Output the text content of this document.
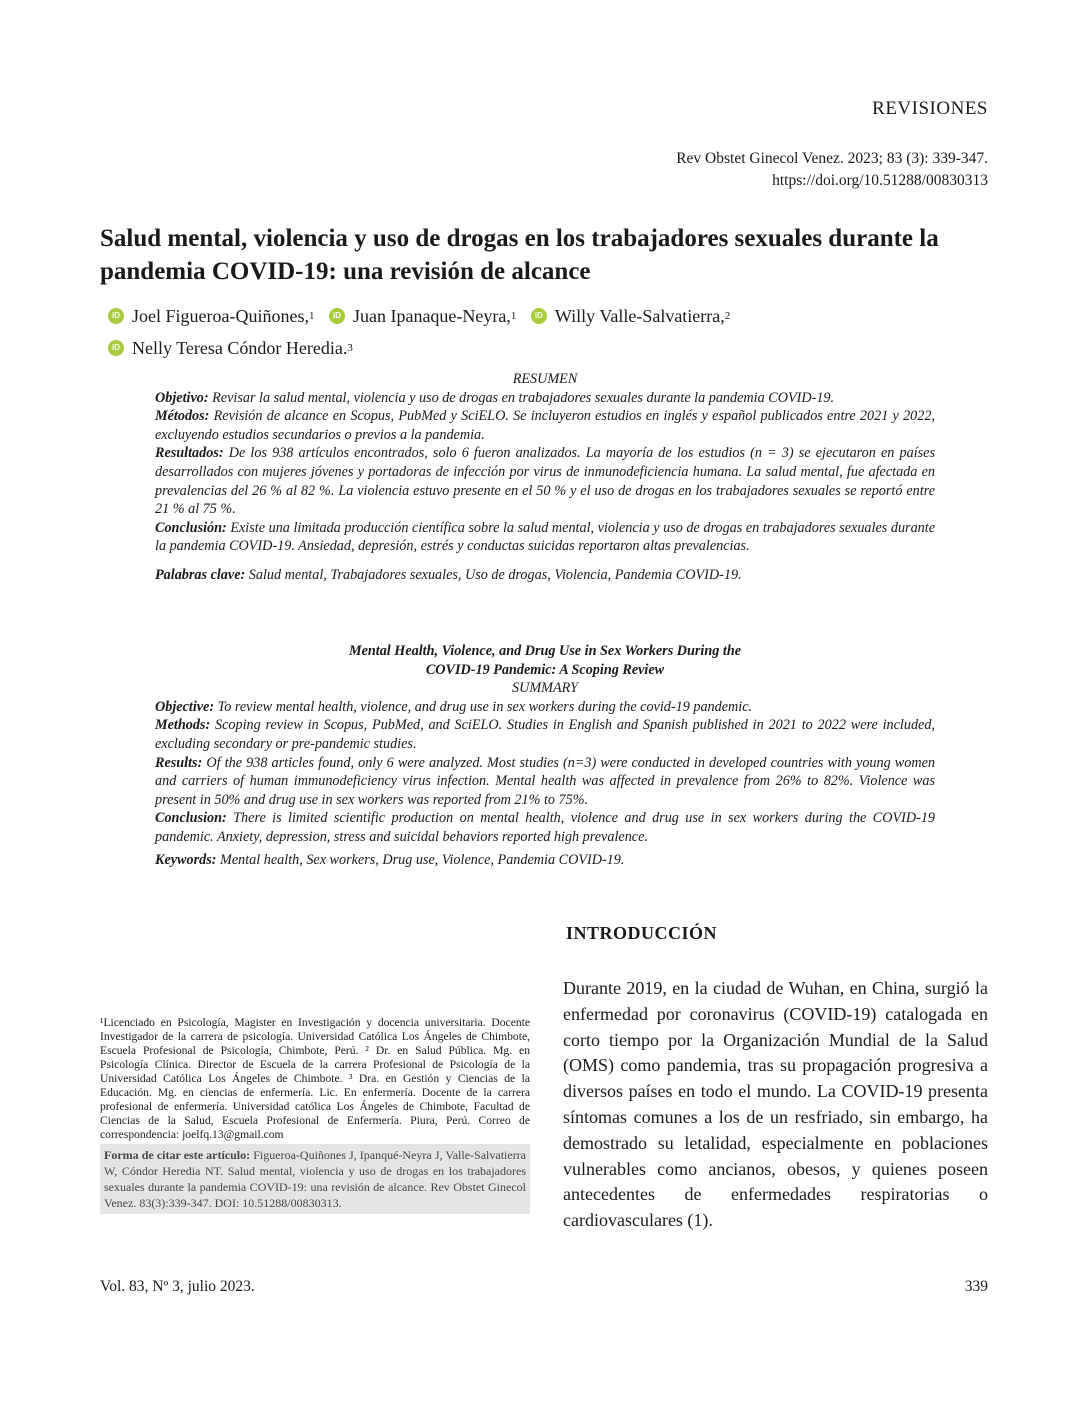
REVISIONES
Rev Obstet Ginecol Venez. 2023; 83 (3): 339-347.
https://doi.org/10.51288/00830313
Salud mental, violencia y uso de drogas en los trabajadores sexuales durante la pandemia COVID-19: una revisión de alcance
iD Joel Figueroa-Quiñones, 1
	iD Juan Ipanaque-Neyra, 1
	iD Willy Valle-Salvatierra, 2

iD Nelly Teresa Cóndor Heredia. 3
RESUMEN

Objetivo: Revisar la salud mental, violencia y uso de drogas en trabajadores sexuales durante la pandemia COVID-19.

Métodos: Revisión de alcance en Scopus, PubMed y SciELO. Se incluyeron estudios en inglés y español publicados entre 2021 y 2022, excluyendo estudios secundarios o previos a la pandemia.

Resultados: De los 938 artículos encontrados, solo 6 fueron analizados. La mayoría de los estudios (n = 3) se ejecutaron en países desarrollados con mujeres jóvenes y portadoras de infección por virus de inmunodeficiencia humana. La salud mental, fue afectada en prevalencias del 26 % al 82 %. La violencia estuvo presente en el 50 % y el uso de drogas en los trabajadores sexuales se reportó entre 21 % al 75 %.

Conclusión: Existe una limitada producción científica sobre la salud mental, violencia y uso de drogas en trabajadores sexuales durante la pandemia COVID-19. Ansiedad, depresión, estrés y conductas suicidas reportaron altas prevalencias.

Palabras clave: Salud mental, Trabajadores sexuales, Uso de drogas, Violencia, Pandemia COVID-19.

Mental Health, Violence, and Drug Use in Sex Workers During the
COVID-19 Pandemic: A Scoping Review
SUMMARY

Objective: To review mental health, violence, and drug use in sex workers during the covid-19 pandemic.

Methods: Scoping review in Scopus, PubMed, and SciELO. Studies in English and Spanish published in 2021 to 2022 were included, excluding secondary or pre-pandemic studies.

Results: Of the 938 articles found, only 6 were analyzed. Most studies (n=3) were conducted in developed countries with young women and carriers of human immunodeficiency virus infection. Mental health was affected in prevalence from 26% to 82%. Violence was present in 50% and drug use in sex workers was reported from 21% to 75%.

Conclusion: There is limited scientific production on mental health, violence and drug use in sex workers during the COVID-19 pandemic. Anxiety, depression, stress and suicidal behaviors reported high prevalence.

Keywords: Mental health, Sex workers, Drug use, Violence, Pandemia COVID-19.

INTRODUCCIÓN
Durante 2019, en la ciudad de Wuhan, en China, surgió la enfermedad por coronavirus (COVID-19) catalogada en corto tiempo por la Organización Mundial de la Salud (OMS) como pandemia, tras su propagación progresiva a diversos países en todo el mundo. La COVID-19 presenta síntomas comunes a los de un resfriado, sin embargo, ha demostrado su letalidad, especialmente en poblaciones vulnerables como ancianos, obesos, y quienes poseen antecedentes de enfermedades respiratorias o cardiovasculares (1).
¹Licenciado en Psicología, Magister en Investigación y docencia universitaria. Docente Investigador de la carrera de psicología. Universidad Católica Los Ángeles de Chimbote, Escuela Profesional de Psicología, Chimbote, Perú. ² Dr. en Salud Pública. Mg. en Psicología Clínica. Director de Escuela de la carrera Profesional de Psicología de la Universidad Católica Los Ángeles de Chimbote. ³ Dra. en Gestión y Ciencias de la Educación. Mg. en ciencias de enfermería. Lic. En enfermería. Docente de la carrera profesional de enfermería. Universidad católica Los Ángeles de Chimbote, Facultad de Ciencias de la Salud, Escuela Profesional de Enfermería. Piura, Perú. Correo de correspondencia: joelfq.13@gmail.com
Forma de citar este artículo: Figueroa-Quiñones J, Ipanqué-Neyra J, Valle-Salvatierra W, Cóndor Heredia NT. Salud mental, violencia y uso de drogas en los trabajadores sexuales durante la pandemia COVID-19: una revisión de alcance. Rev Obstet Ginecol Venez. 83(3):339-347. DOI: 10.51288/00830313.
Vol. 83, Nº 3, julio 2023.	339
